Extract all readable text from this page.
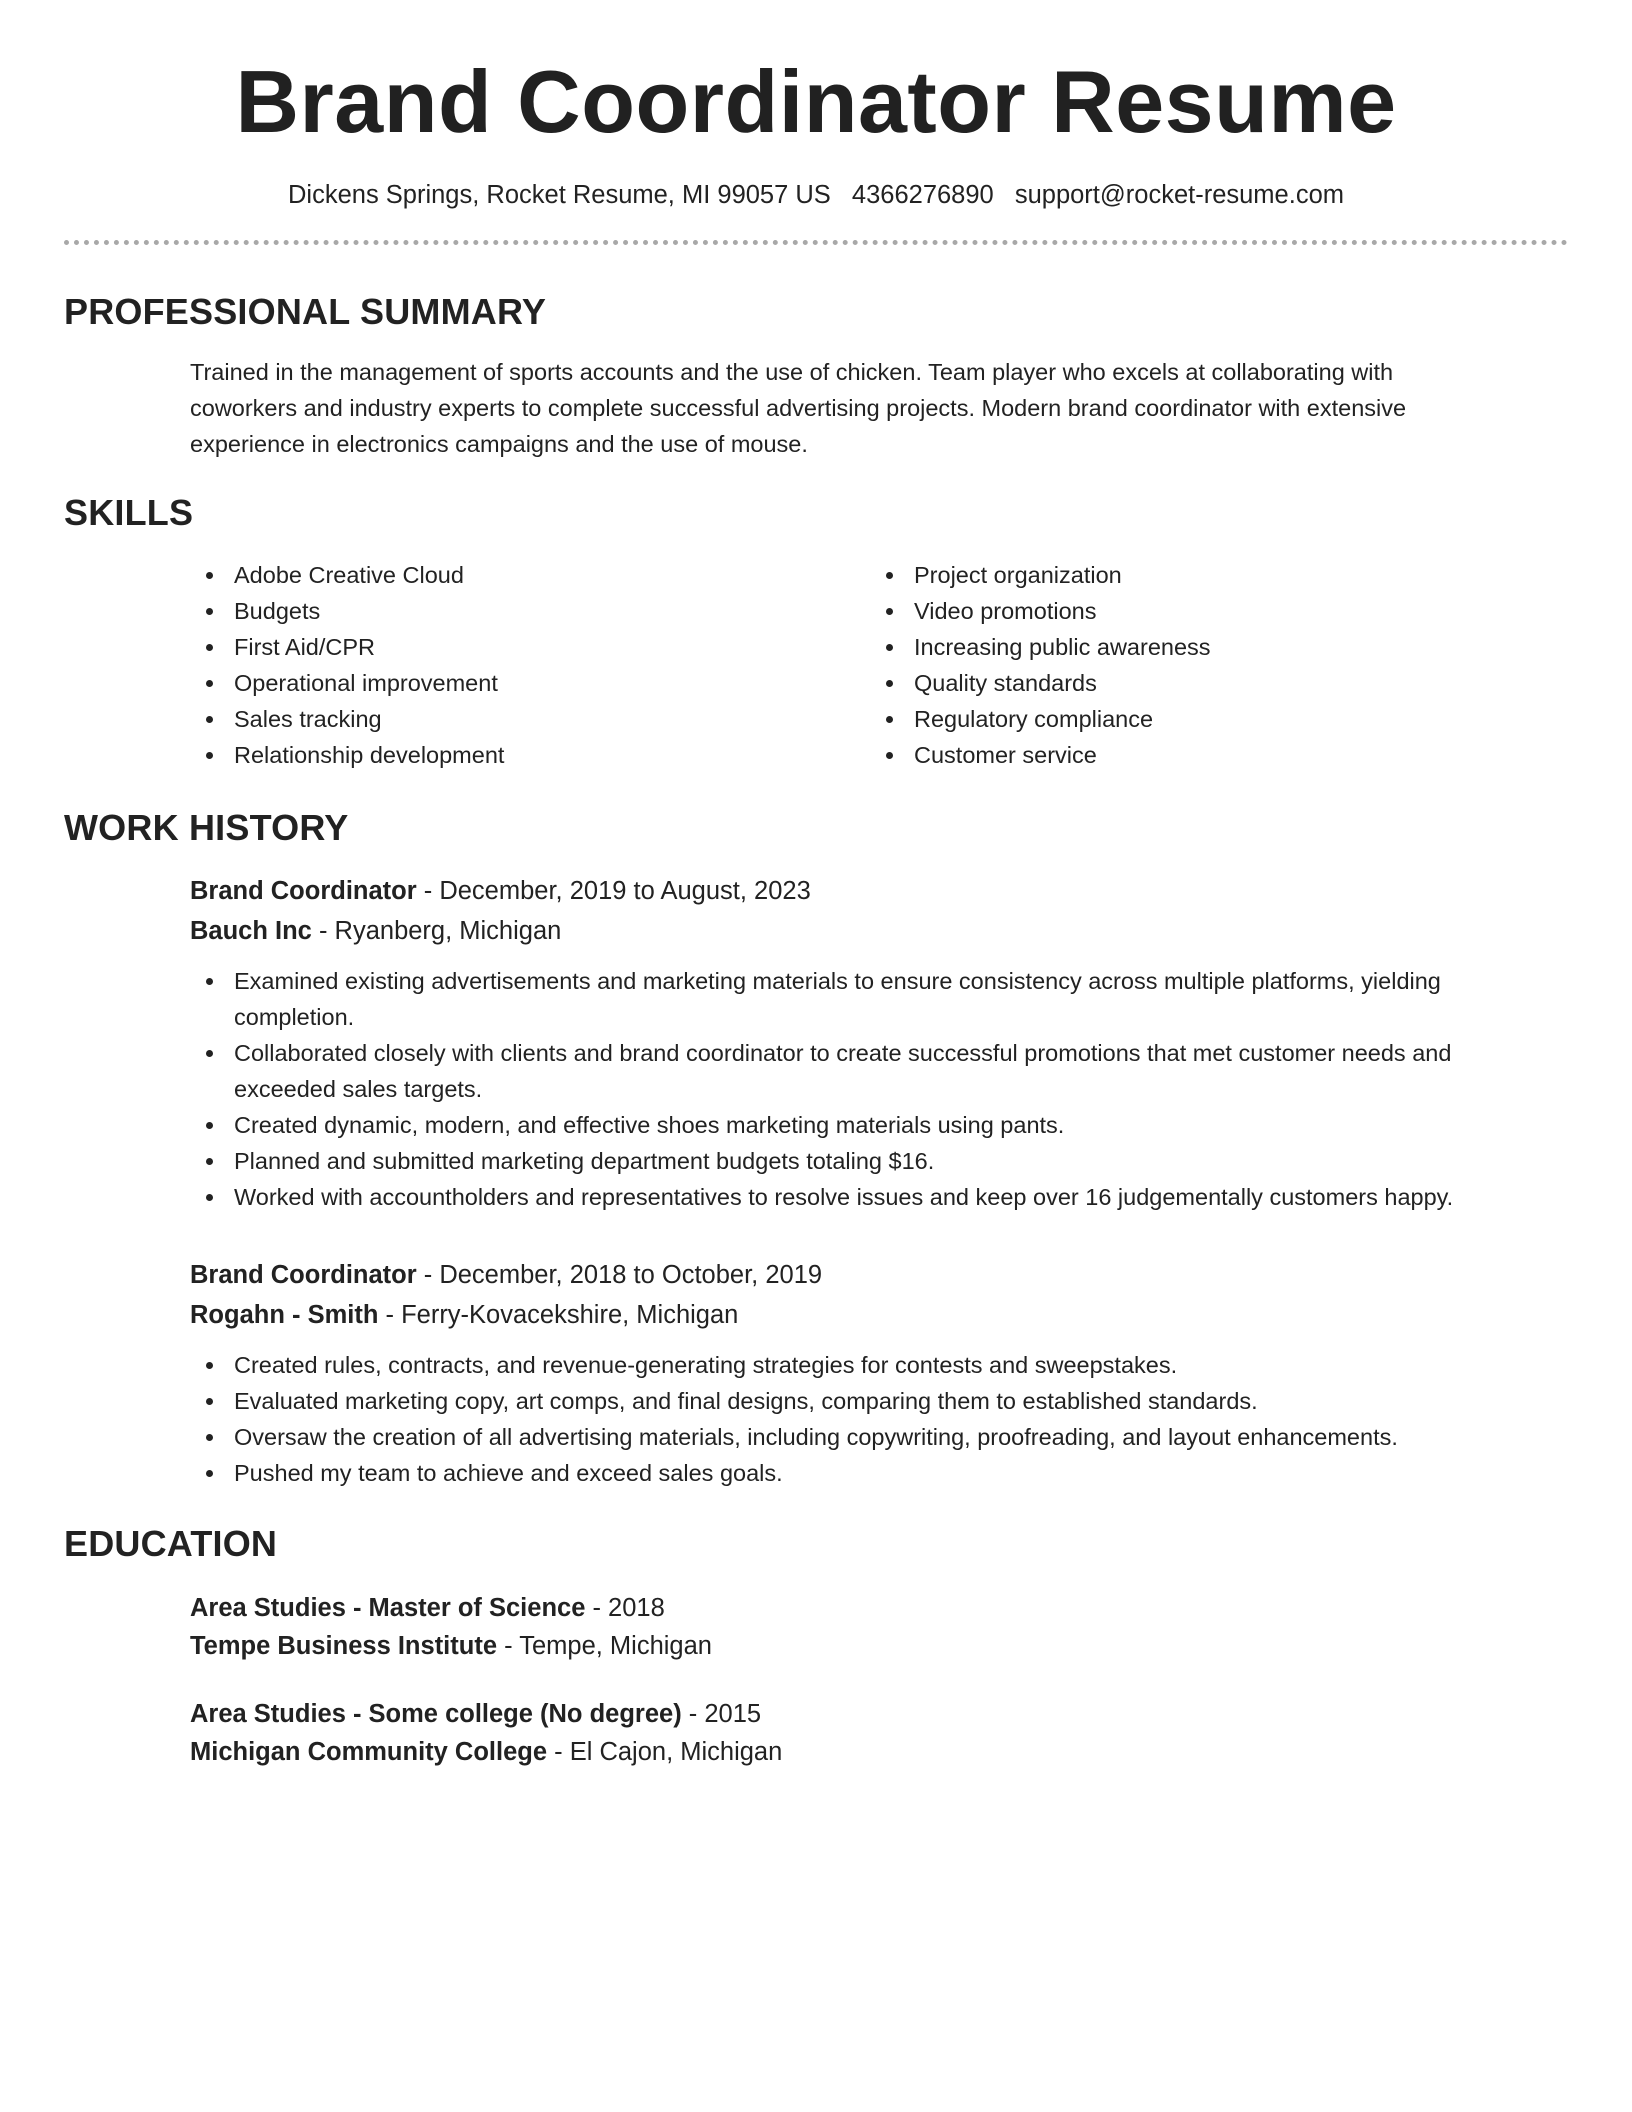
Brand Coordinator Resume
Dickens Springs, Rocket Resume, MI 99057 US 4366276890 support@rocket-resume.com
PROFESSIONAL SUMMARY
Trained in the management of sports accounts and the use of chicken. Team player who excels at collaborating with coworkers and industry experts to complete successful advertising projects. Modern brand coordinator with extensive experience in electronics campaigns and the use of mouse.
SKILLS
Adobe Creative Cloud
Budgets
First Aid/CPR
Operational improvement
Sales tracking
Relationship development
Project organization
Video promotions
Increasing public awareness
Quality standards
Regulatory compliance
Customer service
WORK HISTORY
Brand Coordinator - December, 2019 to August, 2023
Bauch Inc - Ryanberg, Michigan
Examined existing advertisements and marketing materials to ensure consistency across multiple platforms, yielding completion.
Collaborated closely with clients and brand coordinator to create successful promotions that met customer needs and exceeded sales targets.
Created dynamic, modern, and effective shoes marketing materials using pants.
Planned and submitted marketing department budgets totaling $16.
Worked with accountholders and representatives to resolve issues and keep over 16 judgementally customers happy.
Brand Coordinator - December, 2018 to October, 2019
Rogahn - Smith - Ferry-Kovacekshire, Michigan
Created rules, contracts, and revenue-generating strategies for contests and sweepstakes.
Evaluated marketing copy, art comps, and final designs, comparing them to established standards.
Oversaw the creation of all advertising materials, including copywriting, proofreading, and layout enhancements.
Pushed my team to achieve and exceed sales goals.
EDUCATION
Area Studies - Master of Science - 2018
Tempe Business Institute - Tempe, Michigan
Area Studies - Some college (No degree) - 2015
Michigan Community College - El Cajon, Michigan
